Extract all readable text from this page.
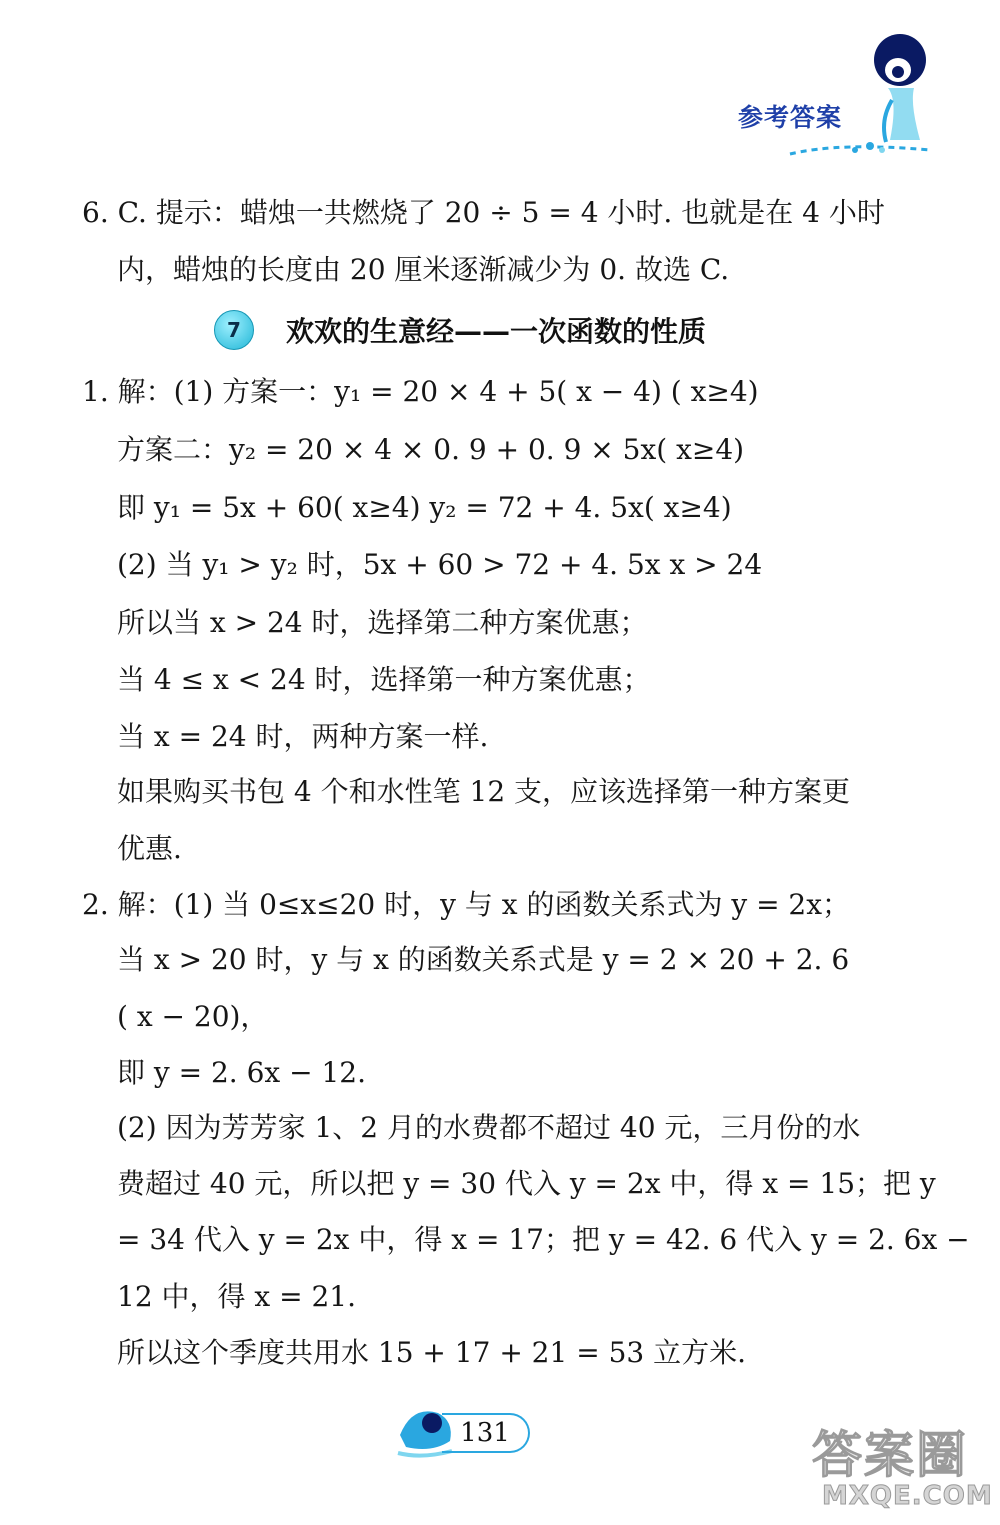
参考答案
6. C. 提示：蜡烛一共燃烧了 20 ÷ 5 = 4 小时. 也就是在 4 小时
内，蜡烛的长度由 20 厘米逐渐减少为 0. 故选 C.
7	欢欢的生意经——一次函数的性质
1. 解：(1) 方案一：y₁ = 20 × 4 + 5( x − 4) ( x≥4)
方案二：y₂ = 20 × 4 × 0. 9 + 0. 9 × 5x( x≥4)
即 y₁ = 5x + 60( x≥4) y₂ = 72 + 4. 5x( x≥4)
(2) 当 y₁ > y₂ 时，5x + 60 > 72 + 4. 5x x > 24
所以当 x > 24 时，选择第二种方案优惠；
当 4 ≤ x < 24 时，选择第一种方案优惠；
当 x = 24 时，两种方案一样.
如果购买书包 4 个和水性笔 12 支，应该选择第一种方案更
优惠.
2. 解：(1) 当 0≤x≤20 时，y 与 x 的函数关系式为 y = 2x；
当 x > 20 时，y 与 x 的函数关系式是 y = 2 × 20 + 2. 6
( x − 20)，
即 y = 2. 6x − 12.
(2) 因为芳芳家 1、2 月的水费都不超过 40 元，三月份的水
费超过 40 元，所以把 y = 30 代入 y = 2x 中，得 x = 15；把 y
= 34 代入 y = 2x 中，得 x = 17；把 y = 42. 6 代入 y = 2. 6x −
12 中，得 x = 21.
所以这个季度共用水 15 + 17 + 21 = 53 立方米.
131	答案圈
MXQE.COM
